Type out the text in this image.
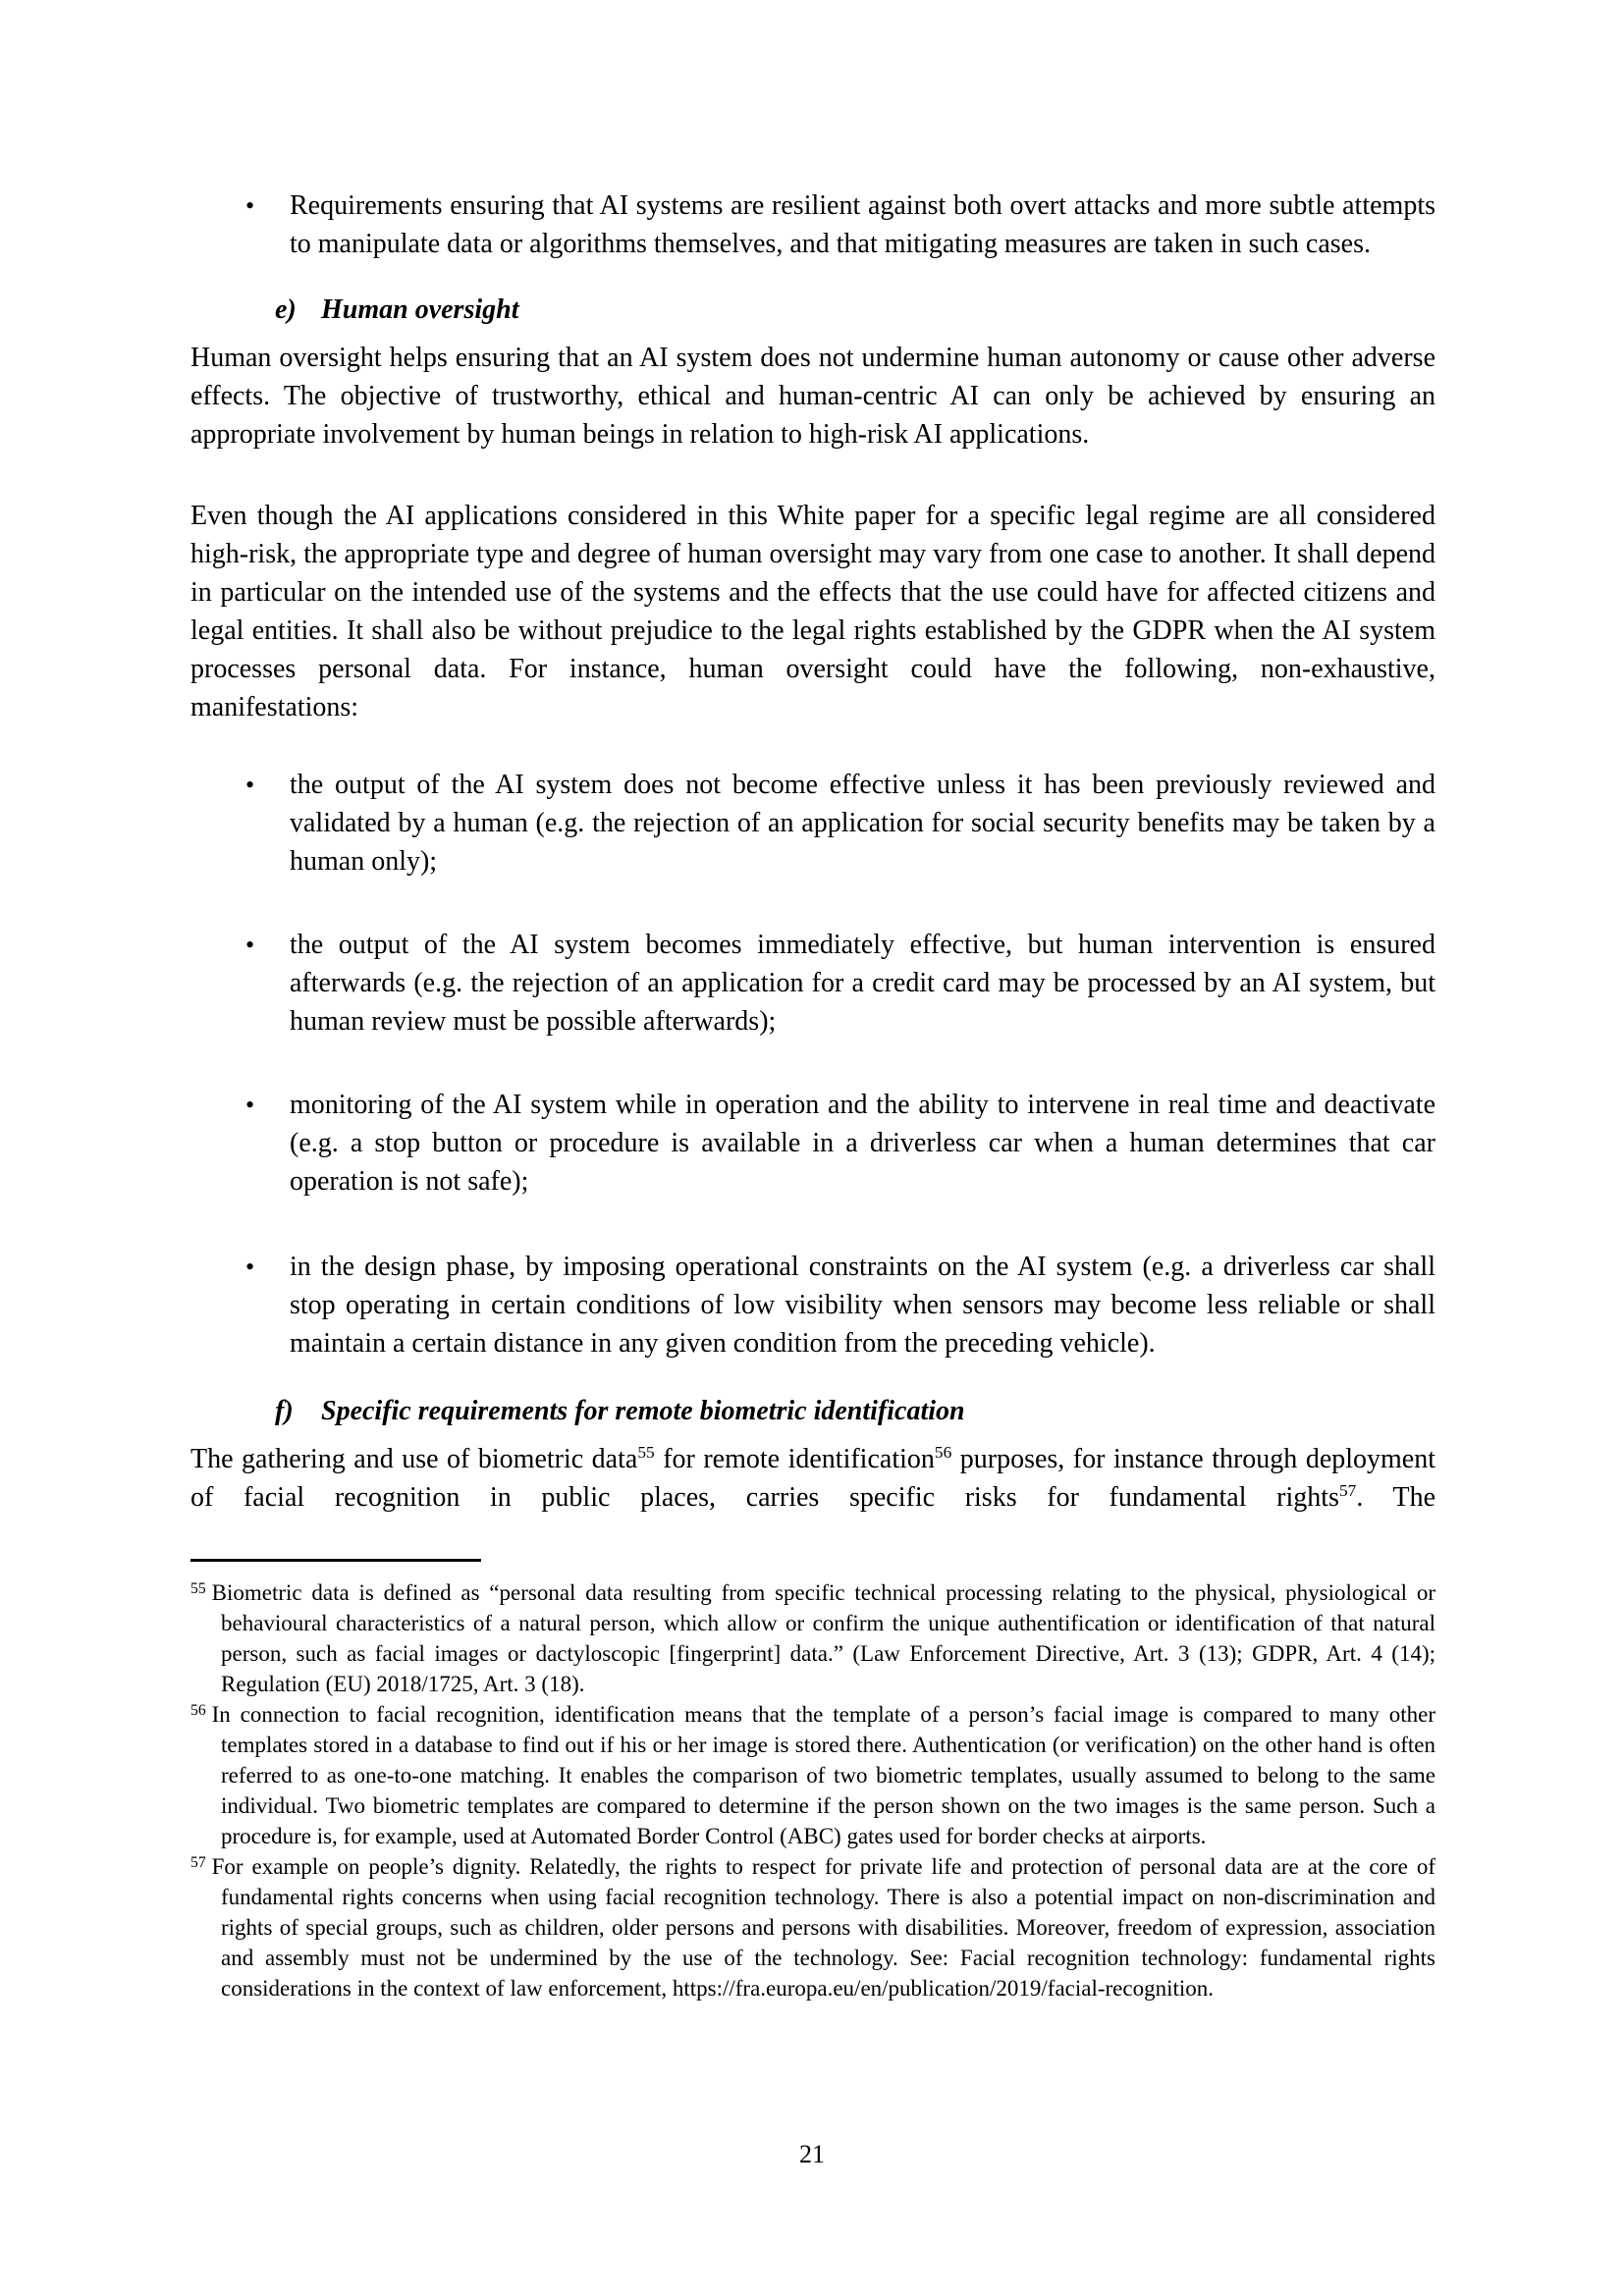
•	Requirements ensuring that AI systems are resilient against both overt attacks and more subtle attempts to manipulate data or algorithms themselves, and that mitigating measures are taken in such cases.
e) Human oversight

Human oversight helps ensuring that an AI system does not undermine human autonomy or cause other adverse effects. The objective of trustworthy, ethical and human-centric AI can only be achieved by ensuring an appropriate involvement by human beings in relation to high-risk AI applications.

Even though the AI applications considered in this White paper for a specific legal regime are all considered high-risk, the appropriate type and degree of human oversight may vary from one case to another. It shall depend in particular on the intended use of the systems and the effects that the use could have for affected citizens and legal entities. It shall also be without prejudice to the legal rights established by the GDPR when the AI system processes personal data. For instance, human oversight could have the following, non-exhaustive, manifestations:

•	the output of the AI system does not become effective unless it has been previously reviewed and validated by a human (e.g. the rejection of an application for social security benefits may be taken by a human only);
•	the output of the AI system becomes immediately effective, but human intervention is ensured afterwards (e.g. the rejection of an application for a credit card may be processed by an AI system, but human review must be possible afterwards);
•	monitoring of the AI system while in operation and the ability to intervene in real time and deactivate (e.g. a stop button or procedure is available in a driverless car when a human determines that car operation is not safe);
•	in the design phase, by imposing operational constraints on the AI system (e.g. a driverless car shall stop operating in certain conditions of low visibility when sensors may become less reliable or shall maintain a certain distance in any given condition from the preceding vehicle).
f) Specific requirements for remote biometric identification

The gathering and use of biometric data$^{55}$ for remote identification$^{56}$ purposes, for instance through deployment of facial recognition in public places, carries specific risks for fundamental rights$^{57}$. The

$^{55}$ Biometric data is defined as “personal data resulting from specific technical processing relating to the physical, physiological or behavioural characteristics of a natural person, which allow or confirm the unique authentification or identification of that natural person, such as facial images or dactyloscopic [fingerprint] data.” (Law Enforcement Directive, Art. 3 (13); GDPR, Art. 4 (14); Regulation (EU) 2018/1725, Art. 3 (18).
$^{56}$ In connection to facial recognition, identification means that the template of a person’s facial image is compared to many other templates stored in a database to find out if his or her image is stored there. Authentication (or verification) on the other hand is often referred to as one-to-one matching. It enables the comparison of two biometric templates, usually assumed to belong to the same individual. Two biometric templates are compared to determine if the person shown on the two images is the same person. Such a procedure is, for example, used at Automated Border Control (ABC) gates used for border checks at airports.
$^{57}$ For example on people’s dignity. Relatedly, the rights to respect for private life and protection of personal data are at the core of fundamental rights concerns when using facial recognition technology. There is also a potential impact on non-discrimination and rights of special groups, such as children, older persons and persons with disabilities. Moreover, freedom of expression, association and assembly must not be undermined by the use of the technology. See: Facial recognition technology: fundamental rights considerations in the context of law enforcement, https://fra.europa.eu/en/publication/2019/facial-recognition.
21
